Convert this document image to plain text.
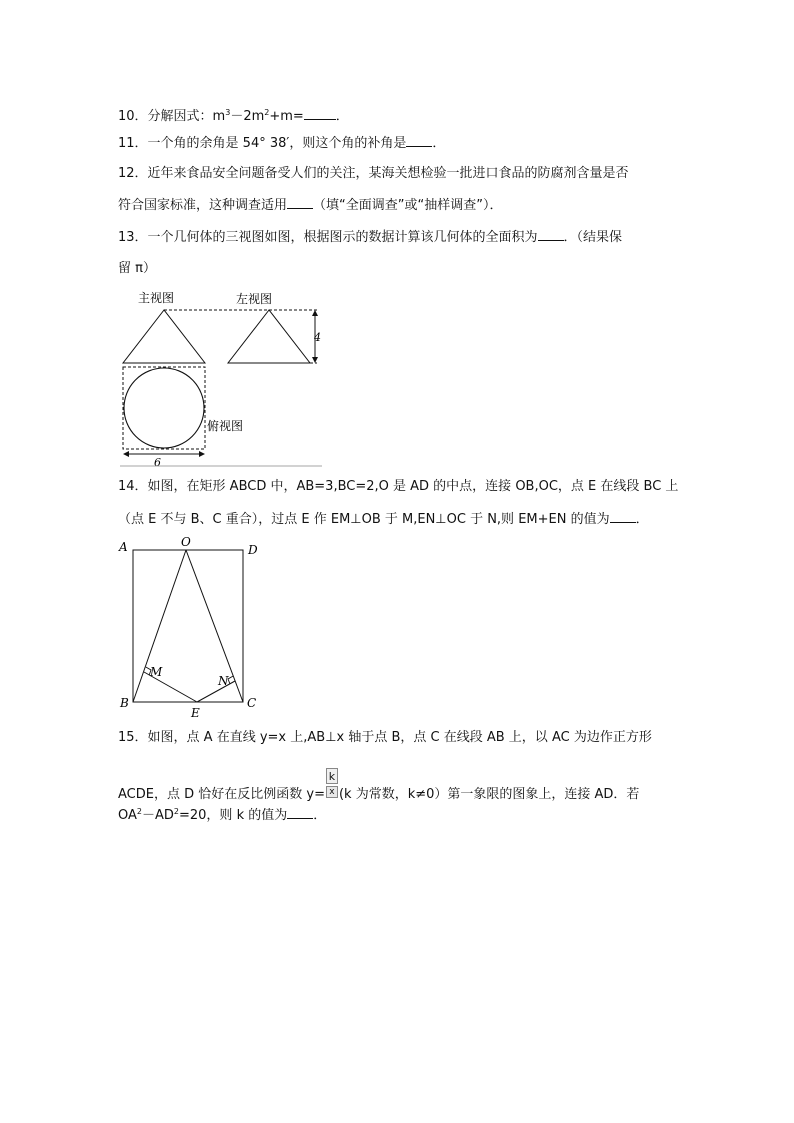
10．分解因式：$m^3-2m^2+m=$ ．
11．一个角的余角是 54° 38′，则这个角的补角是 ．
12．近年来食品安全问题备受人们的关注，某海关想检验一批进口食品的防腐剂含量是否
符合国家标准，这种调查适用 （填“全面调查”或“抽样调查”）．
13．一个几何体的三视图如图，根据图示的数据计算该几何体的全面积为 ．（结果保
留 π）
主视图	左视图
4
俯视图
6
14．如图，在矩形 ABCD 中，AB=3,BC=2,O 是 AD 的中点，连接 OB,OC，点 E 在线段 BC 上
（点 E 不与 B、C 重合），过点 E 作 EM⊥OB 于 M,EN⊥OC 于 N,则 EM+EN 的值为 ．
A	O
D
B
E
C
M
N
15．如图，点 A 在直线 y=x 上,AB⊥x 轴于点 B，点 C 在线段 AB 上，以 AC 为边作正方形
ACDE，点 D 恰好在反比例函数 $y= \frac{k}{x} (k$ 为常数，k≠0）第一象限的图象上，连接 AD．若
$OA^2-AD^2=20$，则 k 的值为 ．
